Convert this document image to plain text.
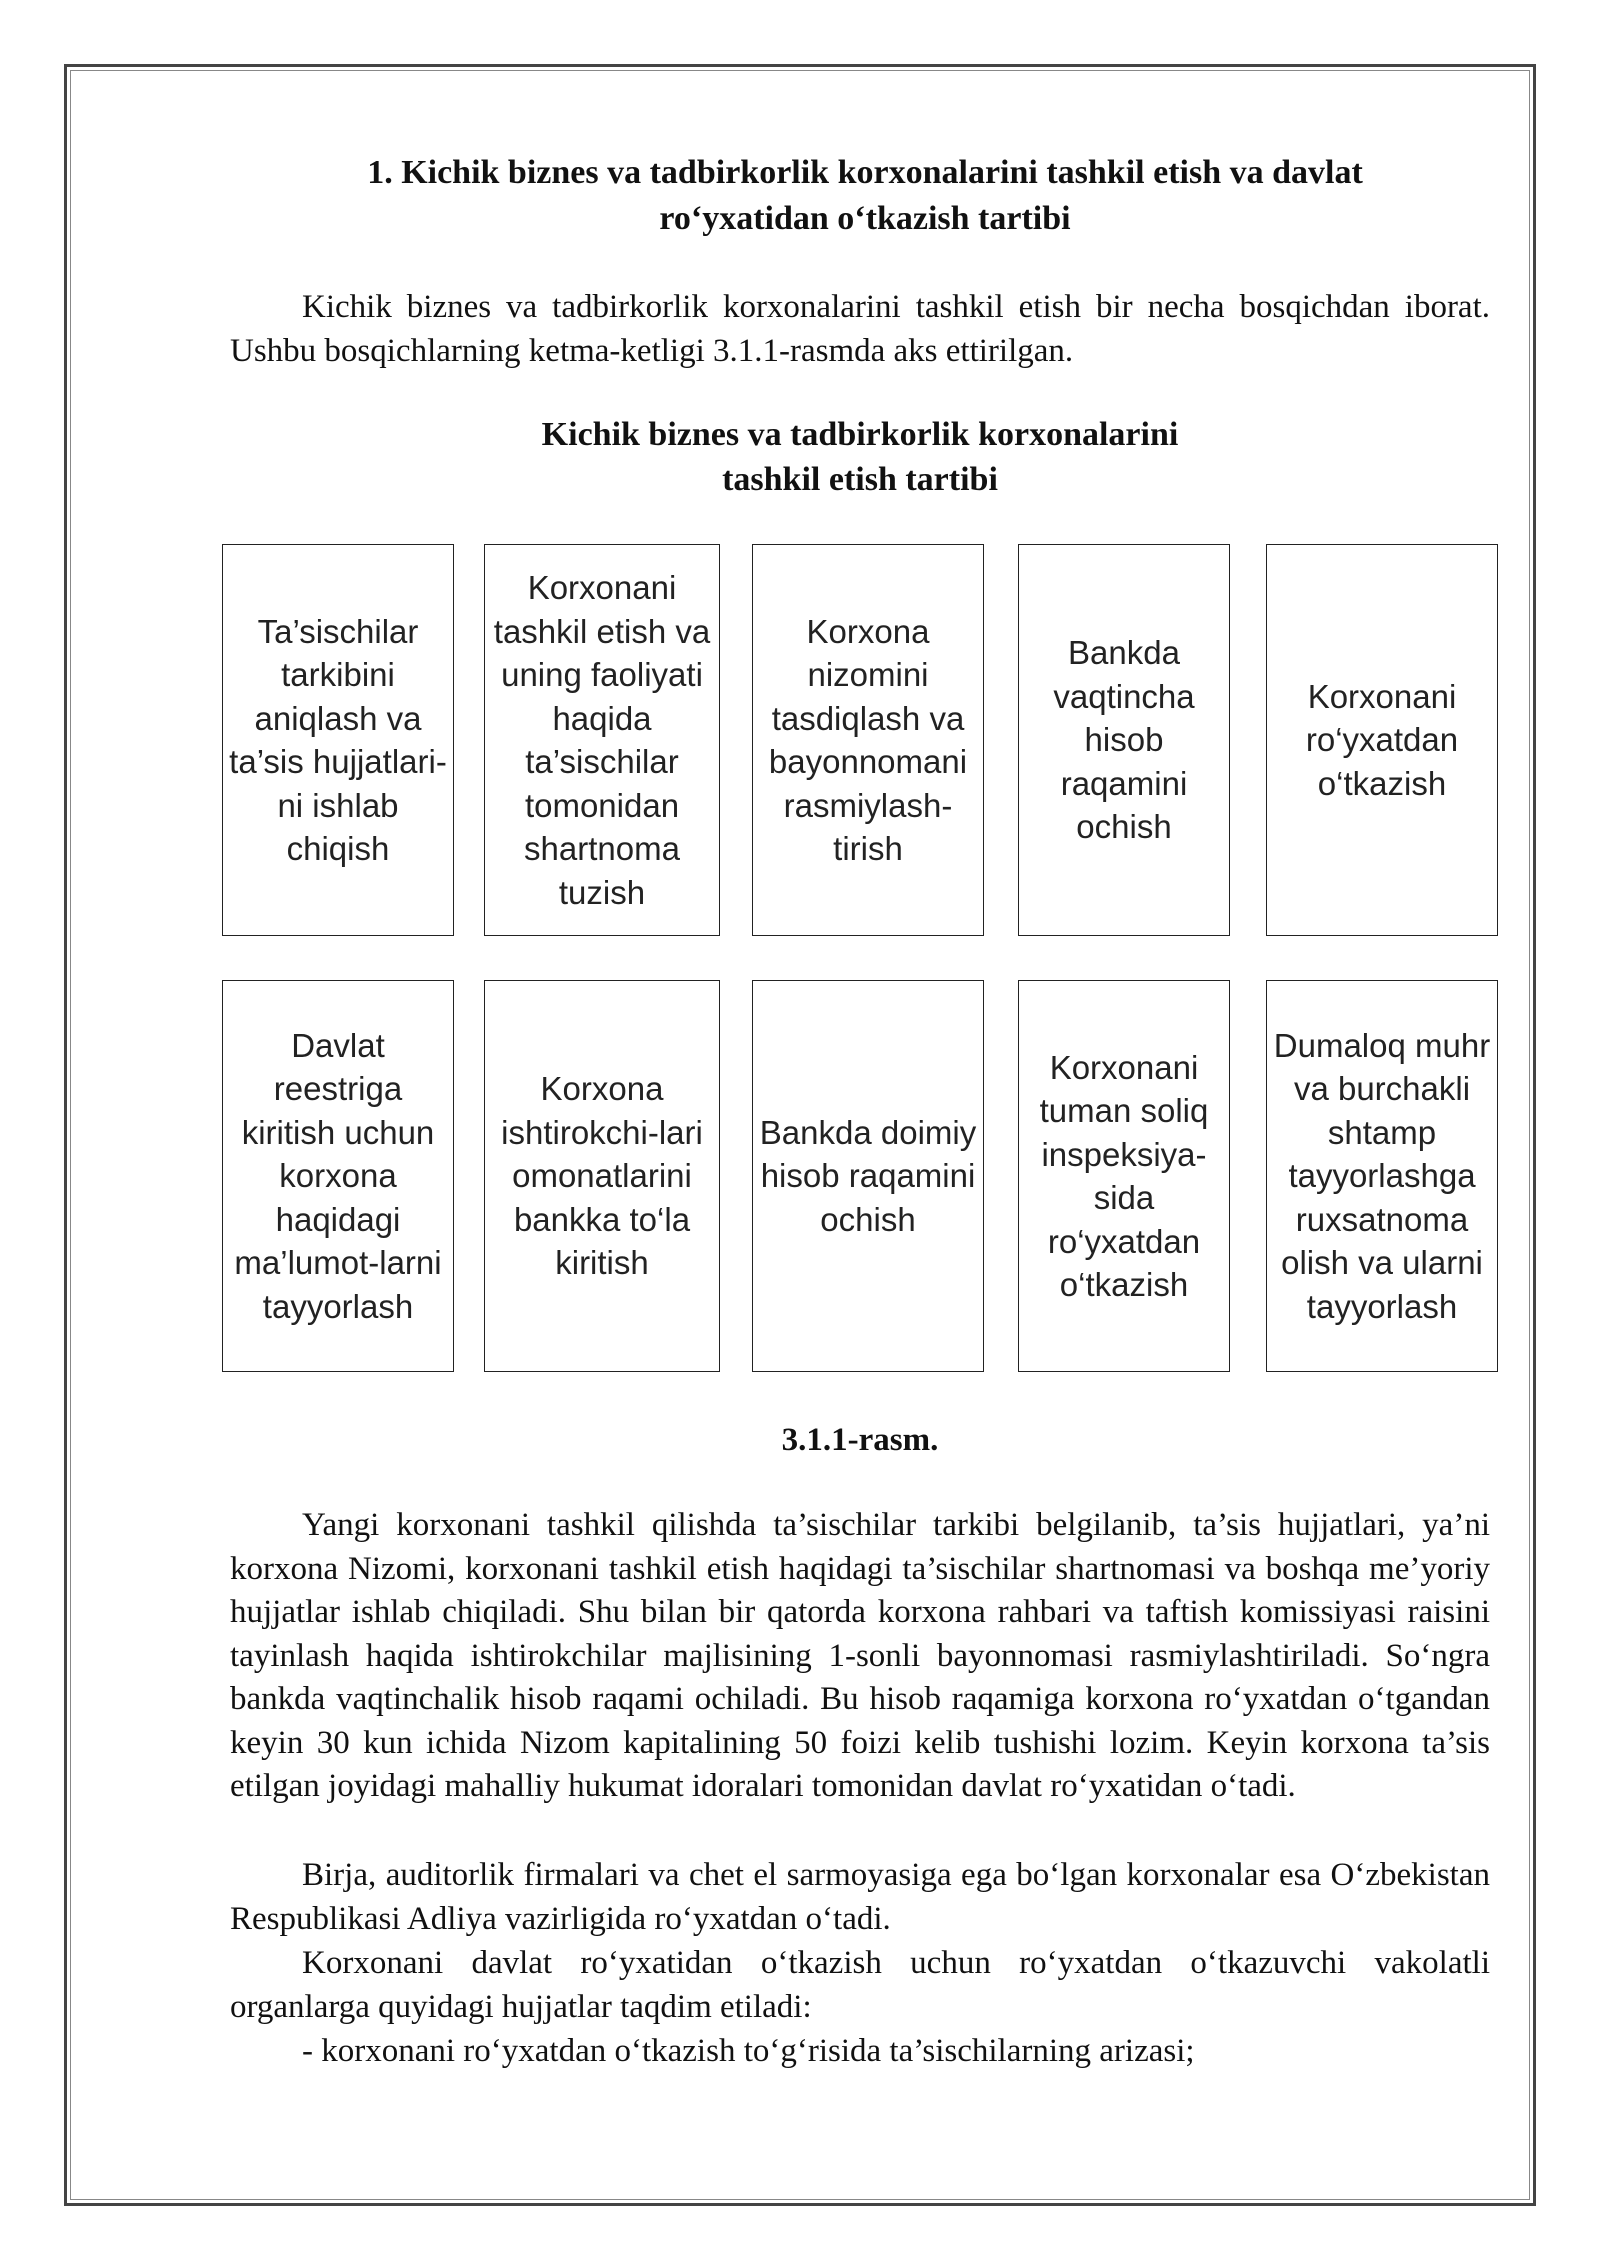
1. Kichik biznes va tadbirkorlik korxonalarini tashkil etish va davlat
ro‘yxatidan o‘tkazish tartibi
Kichik biznes va tadbirkorlik korxonalarini tashkil etish bir necha bosqichdan iborat. Ushbu bosqichlarning ketma-ketligi 3.1.1-rasmda aks ettirilgan.
Kichik biznes va tadbirkorlik korxonalarini
tashkil etish tartibi
Ta’sischilar tarkibini aniqlash va ta’sis hujjatlari-ni ishlab chiqish
Korxonani tashkil etish va uning faoliyati haqida ta’sischilar tomonidan shartnoma tuzish
Korxona nizomini tasdiqlash va bayonnomani rasmiylash-tirish
Bankda vaqtincha hisob raqamini ochish
Korxonani ro‘yxatdan o‘tkazish
Davlat reestriga kiritish uchun korxona haqidagi ma’lumot-larni tayyorlash
Korxona ishtirokchi-lari omonatlarini bankka to‘la kiritish
Bankda doimiy hisob raqamini ochish
Korxonani tuman soliq inspeksiya-sida ro‘yxatdan o‘tkazish
Dumaloq muhr va burchakli shtamp tayyorlashga ruxsatnoma olish va ularni tayyorlash
3.1.1-rasm.
Yangi korxonani tashkil qilishda ta’sischilar tarkibi belgilanib, ta’sis hujjatlari, ya’ni korxona Nizomi, korxonani tashkil etish haqidagi ta’sischilar shartnomasi va boshqa me’yoriy hujjatlar ishlab chiqiladi. Shu bilan bir qatorda korxona rahbari va taftish komissiyasi raisini tayinlash haqida ishtirokchilar majlisining 1-sonli bayonnomasi rasmiylashtiriladi. So‘ngra bankda vaqtinchalik hisob raqami ochiladi. Bu hisob raqamiga korxona ro‘yxatdan o‘tgandan keyin 30 kun ichida Nizom kapitalining 50 foizi kelib tushishi lozim. Keyin korxona ta’sis etilgan joyidagi mahalliy hukumat idoralari tomonidan davlat ro‘yxatidan o‘tadi.
Birja, auditorlik firmalari va chet el sarmoyasiga ega bo‘lgan korxonalar esa O‘zbekistan Respublikasi Adliya vazirligida ro‘yxatdan o‘tadi.
Korxonani davlat ro‘yxatidan o‘tkazish uchun ro‘yxatdan o‘tkazuvchi vakolatli organlarga quyidagi hujjatlar taqdim etiladi:
- korxonani ro‘yxatdan o‘tkazish to‘g‘risida ta’sischilarning arizasi;
